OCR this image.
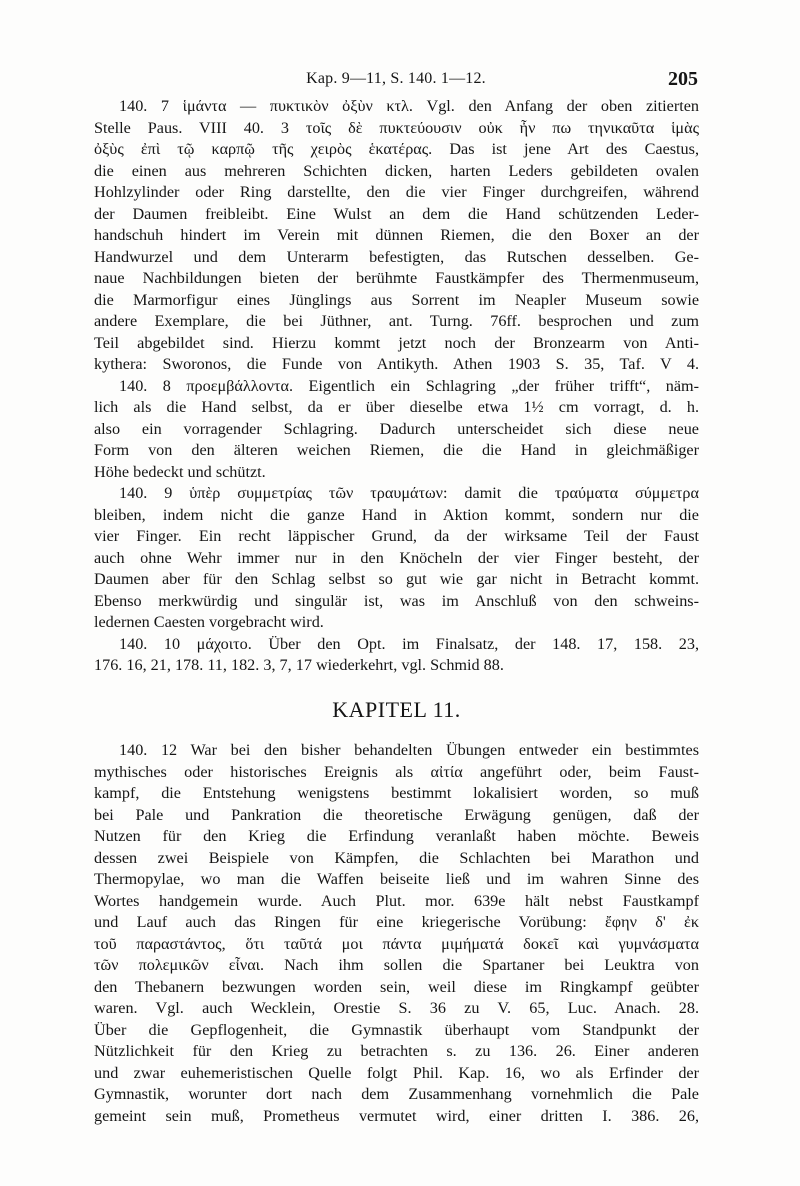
Kap. 9—11, S. 140. 1—12.	205
140. 7 ἱμάντα — πυκτικὸν ὀξὺν κτλ. Vgl. den Anfang der oben zitierten
Stelle Paus. VIII 40. 3 τοῖς δὲ πυκτεύουσιν οὐκ ἦν πω τηνικαῦτα ἱμὰς
ὀξὺς ἐπὶ τῷ καρπῷ τῆς χειρὸς ἑκατέρας. Das ist jene Art des Caestus,
die einen aus mehreren Schichten dicken, harten Leders gebildeten ovalen
Hohlzylinder oder Ring darstellte, den die vier Finger durchgreifen, während
der Daumen freibleibt. Eine Wulst an dem die Hand schützenden Leder-
handschuh hindert im Verein mit dünnen Riemen, die den Boxer an der
Handwurzel und dem Unterarm befestigten, das Rutschen desselben. Ge-
naue Nachbildungen bieten der berühmte Faustkämpfer des Thermenmuseum,
die Marmorfigur eines Jünglings aus Sorrent im Neapler Museum sowie
andere Exemplare, die bei Jüthner, ant. Turng. 76ff. besprochen und zum
Teil abgebildet sind. Hierzu kommt jetzt noch der Bronzearm von Anti-
kythera: Sworonos, die Funde von Antikyth. Athen 1903 S. 35, Taf. V 4.
140. 8 προεμβάλλοντα. Eigentlich ein Schlagring „der früher trifft“, näm-
lich als die Hand selbst, da er über dieselbe etwa 1½ cm vorragt, d. h.
also ein vorragender Schlagring. Dadurch unterscheidet sich diese neue
Form von den älteren weichen Riemen, die die Hand in gleichmäßiger
Höhe bedeckt und schützt.
140. 9 ὑπὲρ συμμετρίας τῶν τραυμάτων: damit die τραύματα σύμμετρα
bleiben, indem nicht die ganze Hand in Aktion kommt, sondern nur die
vier Finger. Ein recht läppischer Grund, da der wirksame Teil der Faust
auch ohne Wehr immer nur in den Knöcheln der vier Finger besteht, der
Daumen aber für den Schlag selbst so gut wie gar nicht in Betracht kommt.
Ebenso merkwürdig und singulär ist, was im Anschluß von den schweins-
ledernen Caesten vorgebracht wird.
140. 10 μάχοιτο. Über den Opt. im Finalsatz, der 148. 17, 158. 23,
176. 16, 21, 178. 11, 182. 3, 7, 17 wiederkehrt, vgl. Schmid 88.
KAPITEL 11.
140. 12 War bei den bisher behandelten Übungen entweder ein bestimmtes
mythisches oder historisches Ereignis als αἰτία angeführt oder, beim Faust-
kampf, die Entstehung wenigstens bestimmt lokalisiert worden, so muß
bei Pale und Pankration die theoretische Erwägung genügen, daß der
Nutzen für den Krieg die Erfindung veranlaßt haben möchte. Beweis
dessen zwei Beispiele von Kämpfen, die Schlachten bei Marathon und
Thermopylae, wo man die Waffen beiseite ließ und im wahren Sinne des
Wortes handgemein wurde. Auch Plut. mor. 639e hält nebst Faustkampf
und Lauf auch das Ringen für eine kriegerische Vorübung: ἔφην δ' ἐκ
τοῦ παραστάντος, ὅτι ταῦτά μοι πάντα μιμήματά δοκεῖ καὶ γυμνάσματα
τῶν πολεμικῶν εἶναι. Nach ihm sollen die Spartaner bei Leuktra von
den Thebanern bezwungen worden sein, weil diese im Ringkampf geübter
waren. Vgl. auch Wecklein, Orestie S. 36 zu V. 65, Luc. Anach. 28.
Über die Gepflogenheit, die Gymnastik überhaupt vom Standpunkt der
Nützlichkeit für den Krieg zu betrachten s. zu 136. 26. Einer anderen
und zwar euhemeristischen Quelle folgt Phil. Kap. 16, wo als Erfinder der
Gymnastik, worunter dort nach dem Zusammenhang vornehmlich die Pale
gemeint sein muß, Prometheus vermutet wird, einer dritten I. 386. 26,
